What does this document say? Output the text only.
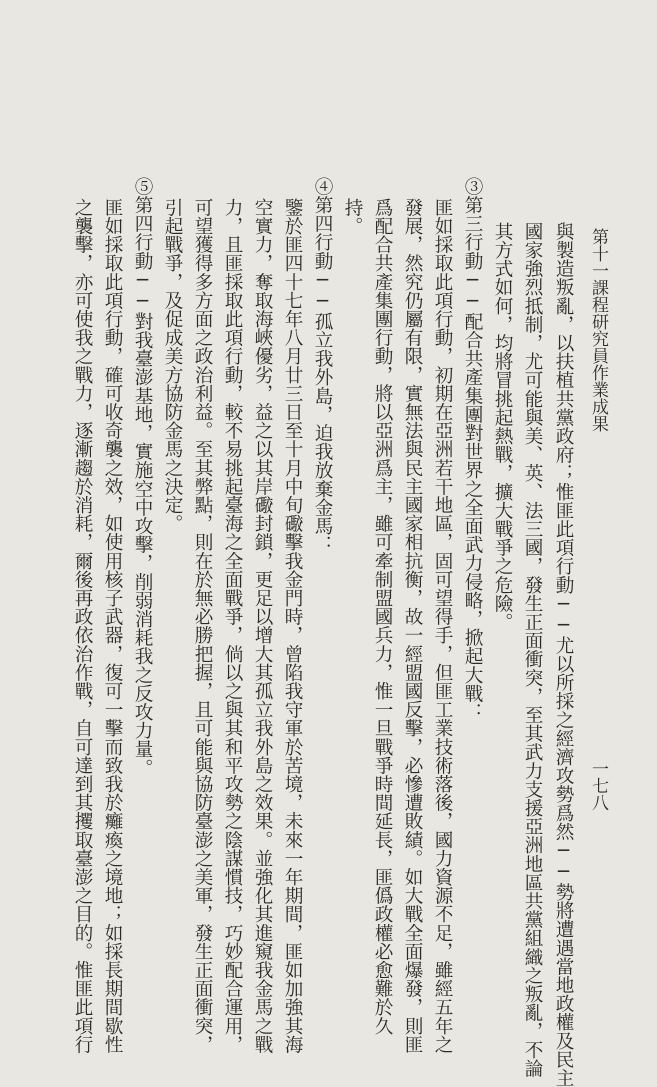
第十一課程研究員作業成果
一七八
與製造叛亂，以扶植共黨政府；惟匪此項行動──尤以所採之經濟攻勢爲然──勢將遭遇當地政權及民主
國家強烈抵制，尤可能與美、英、法三國，發生正面衝突，至其武力支援亞洲地區共黨組織之叛亂，不論
其方式如何，均將冒挑起熱戰，擴大戰爭之危險。
③第三行動──配合共產集團對世界之全面武力侵略，掀起大戰：
匪如採取此項行動，初期在亞洲若干地區，固可望得手，但匪工業技術落後，國力資源不足，雖經五年之
發展，然究仍屬有限，實無法與民主國家相抗衡，故一經盟國反擊，必慘遭敗績。如大戰全面爆發，則匪
爲配合共產集團行動，將以亞洲爲主，雖可牽制盟國兵力，惟一旦戰爭時間延長，匪僞政權必愈難於久
持。
④第四行動──孤立我外島，迫我放棄金馬：
鑒於匪四十七年八月廿三日至十月中旬礮擊我金門時，曾陷我守軍於苦境，未來一年期間，匪如加強其海
空實力，奪取海峽優劣，益之以其岸礮封鎖，更足以增大其孤立我外島之效果。並強化其進窺我金馬之戰
力，且匪採取此項行動，較不易挑起臺海之全面戰爭，倘以之與其和平攻勢之陰謀慣技，巧妙配合運用，
可望獲得多方面之政治利益。至其弊點，則在於無必勝把握，且可能與協防臺澎之美軍，發生正面衝突，
引起戰爭，及促成美方協防金馬之決定。
⑤第四行動──對我臺澎基地，實施空中攻擊，削弱消耗我之反攻力量。
匪如採取此項行動，確可收奇襲之效，如使用核子武器，復可一擊而致我於癱瘓之境地；如採長期間歇性
之襲擊，亦可使我之戰力，逐漸趨於消耗，爾後再政依治作戰，自可達到其攫取臺澎之目的。惟匪此項行
